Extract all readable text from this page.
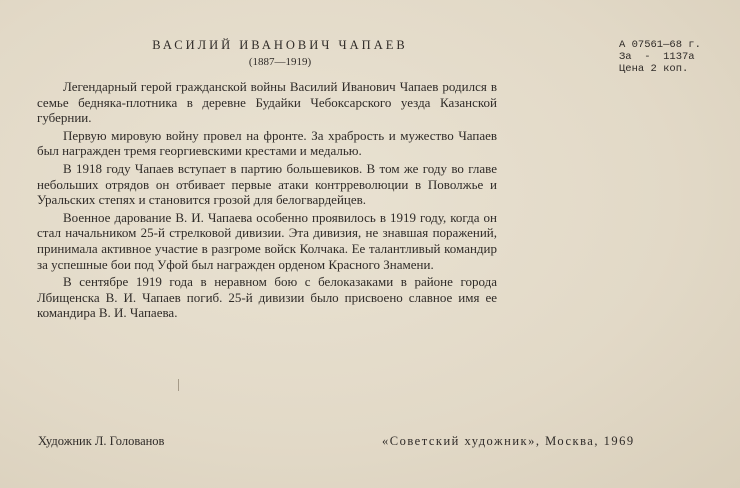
ВАСИЛИЙ ИВАНОВИЧ ЧАПАЕВ
(1887—1919)
А 07561—68 г.
За  -  1137а
Цена 2 коп.

Легендарный герой гражданской войны Василий Иванович Чапаев родился в семье бедняка-плотника в деревне Будайки Чебоксарского уезда Казанской губернии.

Первую мировую войну провел на фронте. За храбрость и мужество Чапаев был награжден тремя георгиевскими крестами и медалью.

В 1918 году Чапаев вступает в партию большевиков. В том же году во главе небольших отрядов он отбивает первые атаки контрреволюции в Поволжье и Уральских степях и становится грозой для белогвардейцев.

Военное дарование В. И. Чапаева особенно проявилось в 1919 году, когда он стал начальником 25-й стрелковой дивизии. Эта дивизия, не знавшая поражений, принимала активное участие в разгроме войск Колчака. Ее талантливый командир за успешные бои под Уфой был награжден орденом Красного Знамени.

В сентябре 1919 года в неравном бою с белоказаками в районе города Лбищенска В. И. Чапаев погиб. 25-й дивизии было присвоено славное имя ее командира В. И. Чапаева.

Художник Л. Голованов	«Советский художник», Москва, 1969
